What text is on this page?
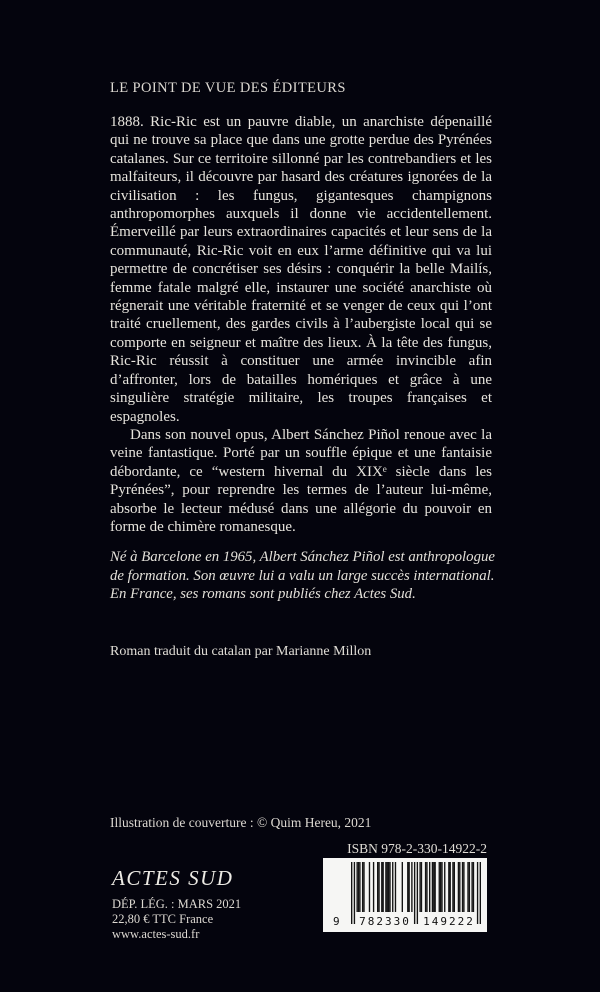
LE POINT DE VUE DES ÉDITEURS

1888. Ric-Ric est un pauvre diable, un anarchiste dépenaillé qui ne trouve sa place que dans une grotte perdue des Pyrénées catalanes. Sur ce territoire sillonné par les contrebandiers et les malfaiteurs, il découvre par hasard des créatures ignorées de la civilisation : les fungus, gigantesques champignons anthropomorphes auxquels il donne vie accidentellement. Émerveillé par leurs extraordinaires capacités et leur sens de la communauté, Ric-Ric voit en eux l’arme définitive qui va lui permettre de concrétiser ses désirs : conquérir la belle Mailís, femme fatale malgré elle, instaurer une société anarchiste où régnerait une véritable fraternité et se venger de ceux qui l’ont traité cruellement, des gardes civils à l’aubergiste local qui se comporte en seigneur et maître des lieux. À la tête des fungus, Ric-Ric réussit à constituer une armée invincible afin d’affronter, lors de batailles homériques et grâce à une singulière stratégie militaire, les troupes françaises et espagnoles.

Dans son nouvel opus, Albert Sánchez Piñol renoue avec la veine fantastique. Porté par un souffle épique et une fantaisie débordante, ce “western hivernal du XIXᵉ siècle dans les Pyrénées”, pour reprendre les termes de l’auteur lui-même, absorbe le lecteur médusé dans une allégorie du pouvoir en forme de chimère romanesque.

Né à Barcelone en 1965, Albert Sánchez Piñol est anthropologue de formation. Son œuvre lui a valu un large succès international. En France, ses romans sont publiés chez Actes Sud.
Roman traduit du catalan par Marianne Millon
Illustration de couverture : © Quim Hereu, 2021
ISBN 978-2-330-14922-2
9 782330 149222

ACTES SUD

DÉP. LÉG. : MARS 2021

22,80 € TTC France

www.actes-sud.fr
